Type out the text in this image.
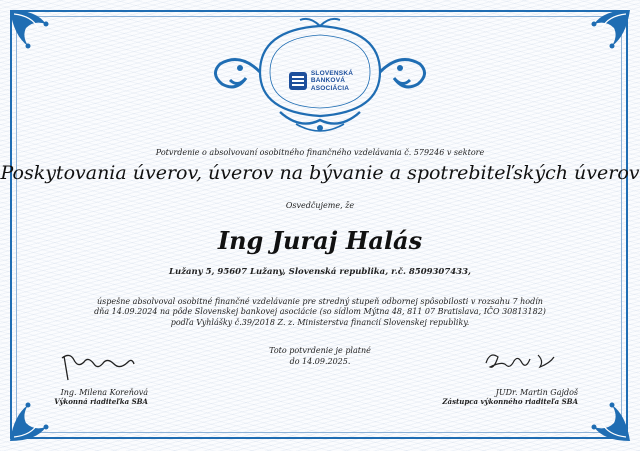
SLOVENSKÁ
BANKOVÁ
ASOCIÁCIA
Potvrdenie o absolvovaní osobitného finančného vzdelávania č. 579246 v sektore
Poskytovania úverov, úverov na bývanie a spotrebiteľských úverov
Osvedčujeme, že
Ing Juraj Halás
Lužany 5, 95607 Lužany, Slovenská republika, r.č. 8509307433,
úspešne absolvoval osobitné finančné vzdelávanie pre stredný stupeň odbornej spôsobilosti v rozsahu 7 hodín
dňa 14.09.2024 na pôde Slovenskej bankovej asociácie (so sídlom Mýtna 48, 811 07 Bratislava, IČO 30813182)
podľa Vyhlášky č.39/2018 Z. z. Ministerstva financií Slovenskej republiky.
Toto potvrdenie je platné
do 14.09.2025.
Ing. Milena Koreňová
Výkonná riaditeľka SBA
JUDr. Martin Gajdoš
Zástupca výkonného riaditeľa SBA
